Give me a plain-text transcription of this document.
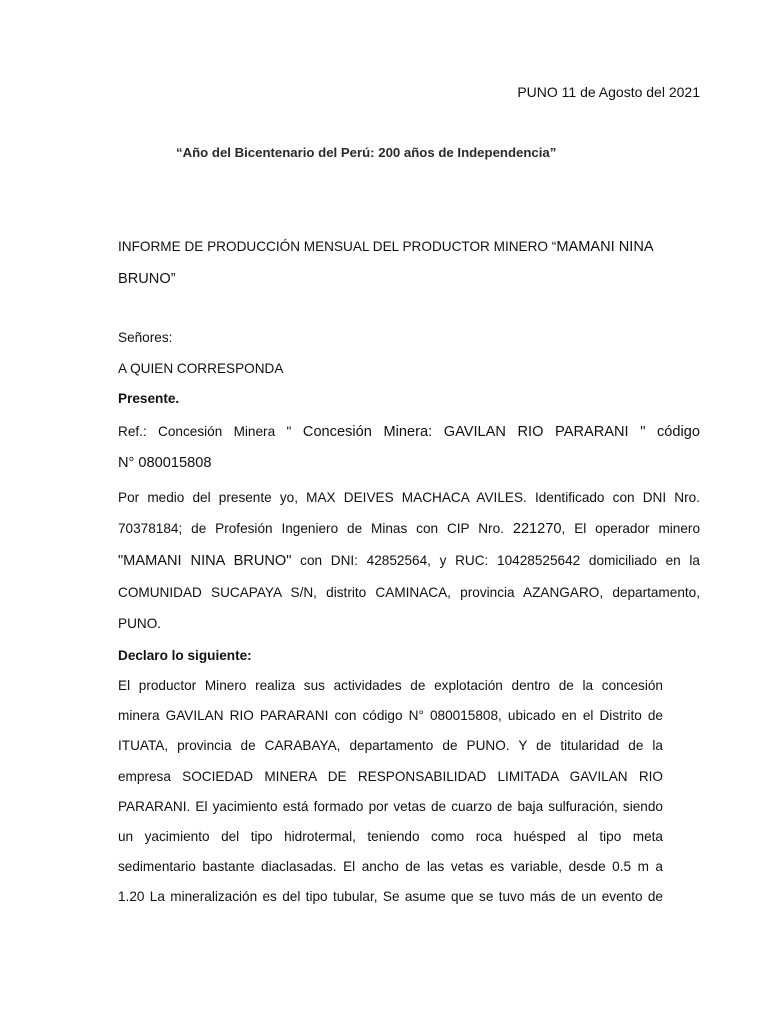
PUNO 11 de Agosto del 2021
“Año del Bicentenario del Perú: 200 años de Independencia”
INFORME DE PRODUCCIÓN MENSUAL DEL PRODUCTOR MINERO “MAMANI NINA
BRUNO”
Señores:
A QUIEN CORRESPONDA
Presente.
Ref.: Concesión Minera " Concesión Minera: GAVILAN RIO PARARANI " código
N° 080015808
Por medio del presente yo, MAX DEIVES MACHACA AVILES. Identificado con DNI Nro.
70378184; de Profesión Ingeniero de Minas con CIP Nro. 221270, El operador minero
"MAMANI NINA BRUNO" con DNI: 42852564, y RUC: 10428525642 domiciliado en la
COMUNIDAD SUCAPAYA S/N, distrito CAMINACA, provincia AZANGARO, departamento,
PUNO.
Declaro lo siguiente:
El productor Minero realiza sus actividades de explotación dentro de la concesión
minera GAVILAN RIO PARARANI con código N° 080015808, ubicado en el Distrito de
ITUATA, provincia de CARABAYA, departamento de PUNO. Y de titularidad de la
empresa SOCIEDAD MINERA DE RESPONSABILIDAD LIMITADA GAVILAN RIO
PARARANI. El yacimiento está formado por vetas de cuarzo de baja sulfuración, siendo
un yacimiento del tipo hidrotermal, teniendo como roca huésped al tipo meta
sedimentario bastante diaclasadas. El ancho de las vetas es variable, desde 0.5 m a
1.20 La mineralización es del tipo tubular, Se asume que se tuvo más de un evento de
